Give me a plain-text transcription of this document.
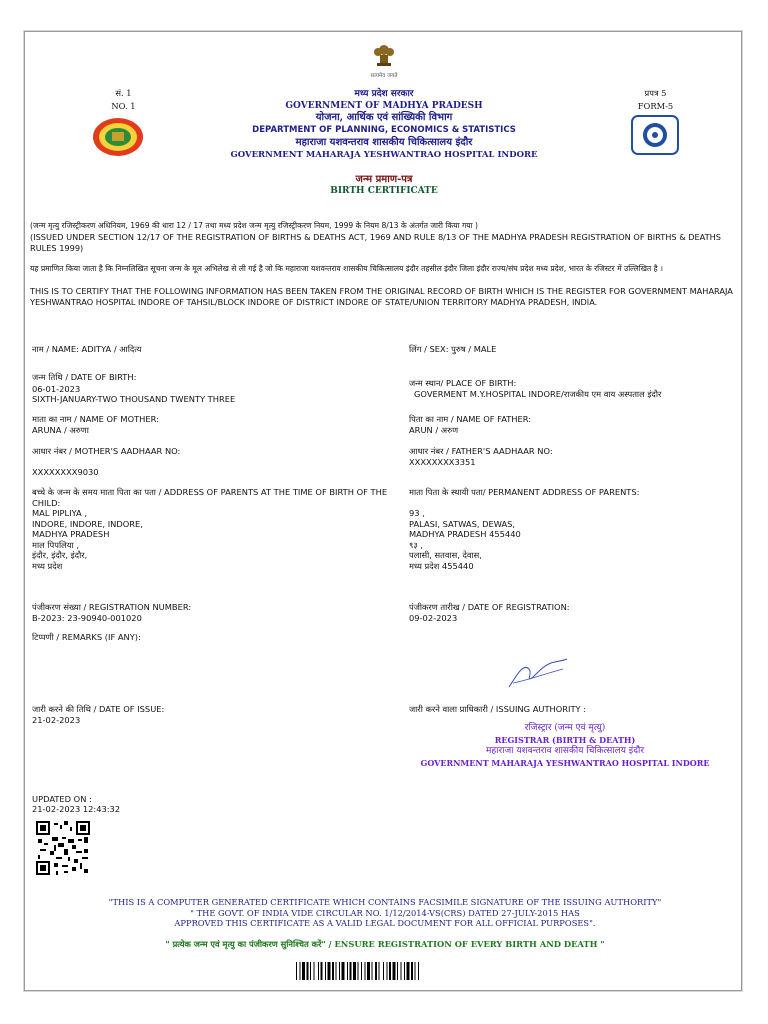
सत्यमेव जयते
सं. 1
NO. 1
प्रपत्र 5
FORM-5
मध्य प्रदेश सरकार
GOVERNMENT OF MADHYA PRADESH
योजना, आर्थिक एवं सांख्यिकी विभाग
DEPARTMENT OF PLANNING, ECONOMICS & STATISTICS
महाराजा यशवन्तराव शासकीय चिकित्सालय इंदौर
GOVERNMENT MAHARAJA YESHWANTRAO HOSPITAL INDORE
जन्म प्रमाण-पत्र
BIRTH CERTIFICATE
(जन्म मृत्यु रजिस्ट्रीकरण अधिनियम, 1969 की धारा 12 / 17 तथा मध्य प्रदेश जन्म मृत्यु रजिस्ट्रीकरण नियम, 1999 के नियम 8/13 के अंतर्गत जारी किया गया )
(ISSUED UNDER SECTION 12/17 OF THE REGISTRATION OF BIRTHS & DEATHS ACT, 1969 AND RULE 8/13 OF THE MADHYA PRADESH REGISTRATION OF BIRTHS & DEATHS RULES 1999)
यह प्रमाणित किया जाता है कि निम्नलिखित सूचना जन्म के मूल अभिलेख से ली गई है जो कि महाराजा यशवन्तराव शासकीय चिकित्सालय इंदौर तहसील इंदौर जिला इंदौर राज्य/संघ प्रदेश मध्य प्रदेश, भारत के रजिस्टर में उल्लिखित है ।
THIS IS TO CERTIFY THAT THE FOLLOWING INFORMATION HAS BEEN TAKEN FROM THE ORIGINAL RECORD OF BIRTH WHICH IS THE REGISTER FOR GOVERNMENT MAHARAJA YESHWANTRAO HOSPITAL INDORE OF TAHSIL/BLOCK INDORE OF DISTRICT INDORE OF STATE/UNION TERRITORY MADHYA PRADESH, INDIA.
नाम / NAME: ADITYA / आदित्य	लिंग / SEX: पुरुष / MALE
जन्म तिथि / DATE OF BIRTH:
06-01-2023
SIXTH-JANUARY-TWO THOUSAND TWENTY THREE
जन्म स्थान/ PLACE OF BIRTH:
GOVERMENT M.Y.HOSPITAL INDORE/राजकीय एम वाय अस्पताल इंदौर
माता का नाम / NAME OF MOTHER:
ARUNA / अरुणा
पिता का नाम / NAME OF FATHER:
ARUN / अरुण
आधार नंबर / MOTHER'S AADHAAR NO:
XXXXXXXX9030
आधार नंबर / FATHER'S AADHAAR NO:
XXXXXXXX3351
बच्चे के जन्म के समय माता पिता का पता / ADDRESS OF PARENTS AT THE TIME OF BIRTH OF THE CHILD:
MAL PIPLIYA ,
INDORE, INDORE, INDORE,
MADHYA PRADESH
माल पिपलिया ,
इंदौर, इंदौर, इंदौर,
मध्य प्रदेश
माता पिता के स्थायी पता/ PERMANENT ADDRESS OF PARENTS:
93 ,
PALASI, SATWAS, DEWAS,
MADHYA PRADESH 455440
९३ ,
पलासी, सतवास, देवास,
मध्य प्रदेश 455440
पंजीकरण संख्या / REGISTRATION NUMBER:
B-2023: 23-90940-001020
पंजीकरण तारीख / DATE OF REGISTRATION:
09-02-2023
टिप्पणी / REMARKS (IF ANY):
जारी करने की तिथि / DATE OF ISSUE:
21-02-2023
जारी करने वाला प्राधिकारी / ISSUING AUTHORITY :
रजिस्ट्रार (जन्म एवं मृत्यु)
REGISTRAR (BIRTH & DEATH)
महाराजा यशवन्तराव शासकीय चिकित्सालय इंदौर
GOVERNMENT MAHARAJA YESHWANTRAO HOSPITAL INDORE
UPDATED ON :
21-02-2023 12:43:32
"THIS IS A COMPUTER GENERATED CERTIFICATE WHICH CONTAINS FACSIMILE SIGNATURE OF THE ISSUING AUTHORITY"
" THE GOVT. OF INDIA VIDE CIRCULAR NO. 1/12/2014-VS(CRS) DATED 27-JULY-2015 HAS
APPROVED THIS CERTIFICATE AS A VALID LEGAL DOCUMENT FOR ALL OFFICIAL PURPOSES".
" प्रत्येक जन्म एवं मृत्यु का पंजीकरण सुनिश्चित करें" / ENSURE REGISTRATION OF EVERY BIRTH AND DEATH "
